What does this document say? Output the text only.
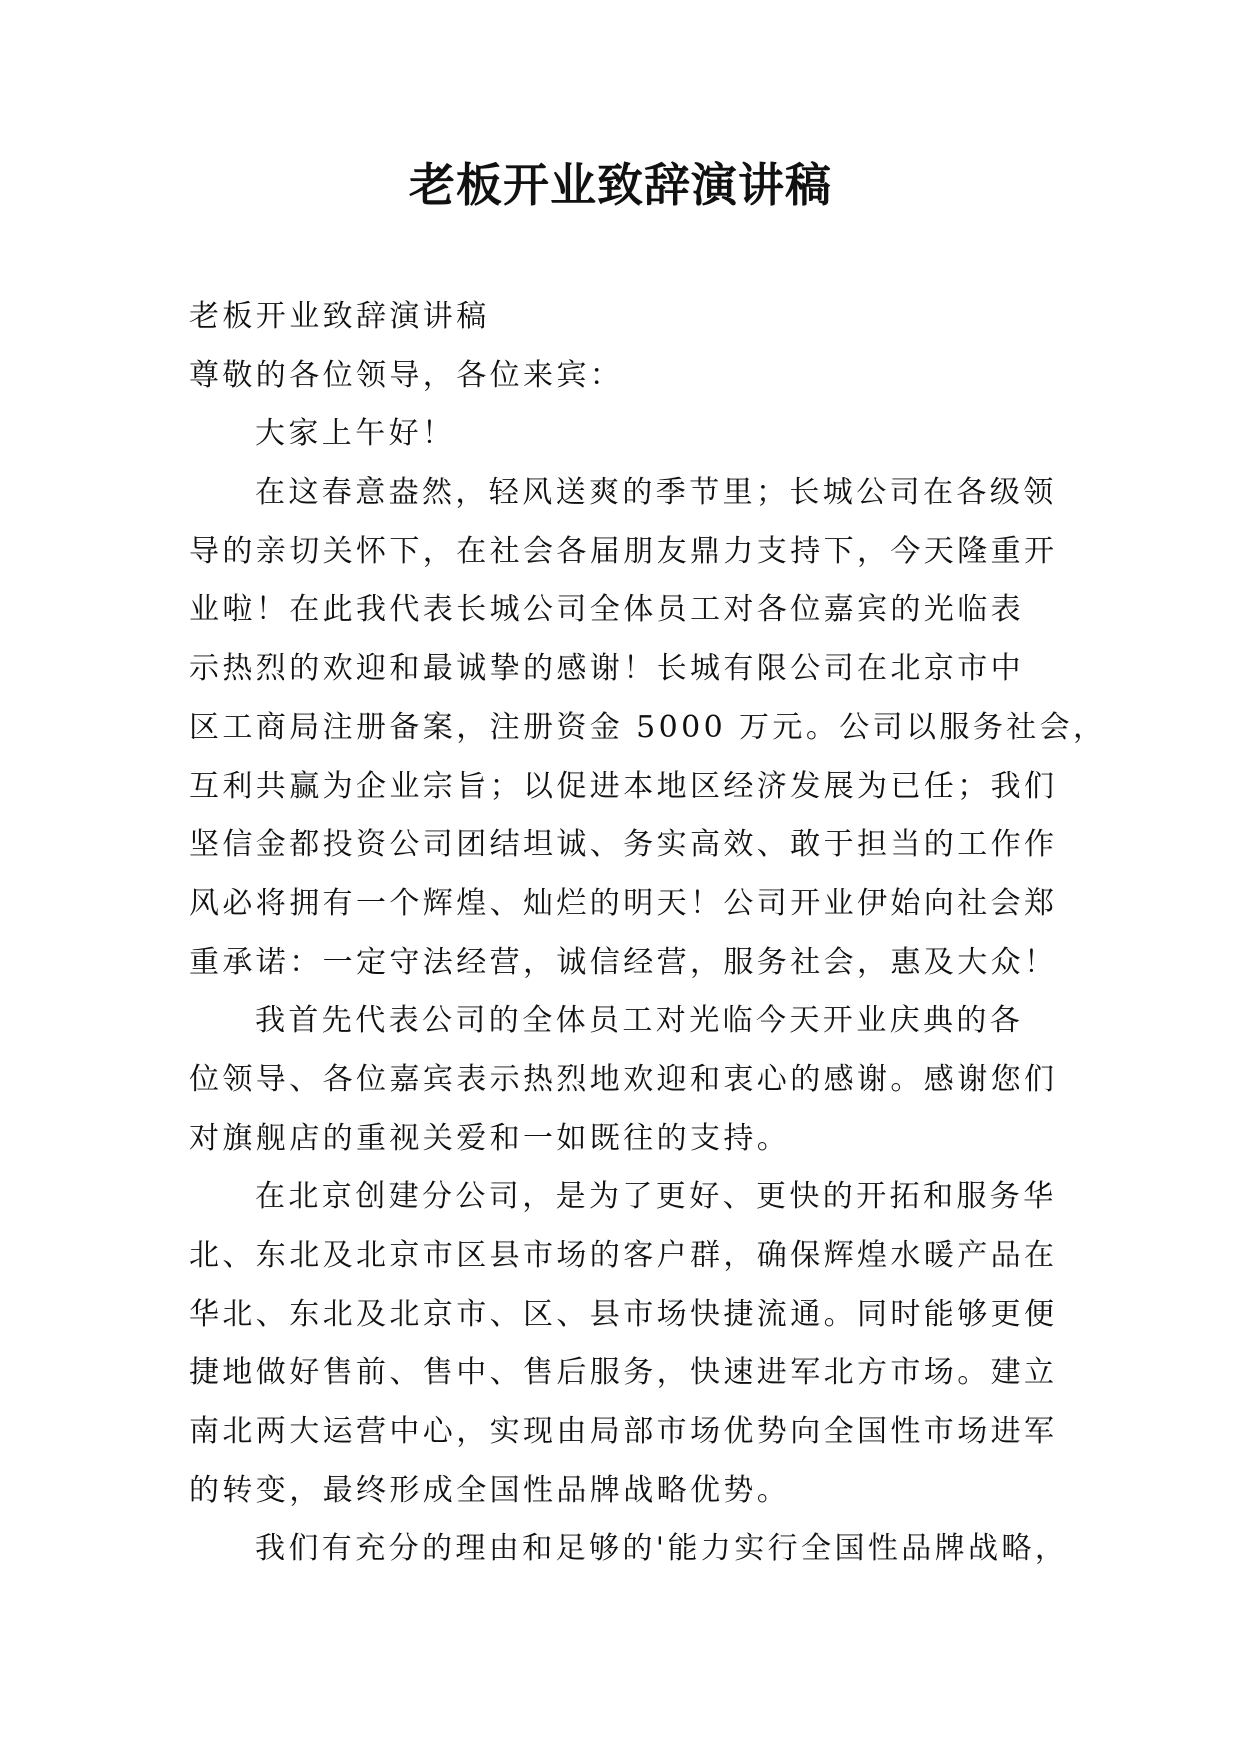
老板开业致辞演讲稿
老板开业致辞演讲稿
尊敬的各位领导，各位来宾：
大家上午好！
在这春意盎然，轻风送爽的季节里；长城公司在各级领
导的亲切关怀下，在社会各届朋友鼎力支持下，今天隆重开
业啦！在此我代表长城公司全体员工对各位嘉宾的光临表
示热烈的欢迎和最诚挚的感谢！长城有限公司在北京市中
区工商局注册备案，注册资金 5000 万元。公司以服务社会，
互利共赢为企业宗旨；以促进本地区经济发展为已任；我们
坚信金都投资公司团结坦诚、务实高效、敢于担当的工作作
风必将拥有一个辉煌、灿烂的明天！公司开业伊始向社会郑
重承诺：一定守法经营，诚信经营，服务社会，惠及大众！
我首先代表公司的全体员工对光临今天开业庆典的各
位领导、各位嘉宾表示热烈地欢迎和衷心的感谢。感谢您们
对旗舰店的重视关爱和一如既往的支持。
在北京创建分公司，是为了更好、更快的开拓和服务华
北、东北及北京市区县市场的客户群，确保辉煌水暖产品在
华北、东北及北京市、区、县市场快捷流通。同时能够更便
捷地做好售前、售中、售后服务，快速进军北方市场。建立
南北两大运营中心，实现由局部市场优势向全国性市场进军
的转变，最终形成全国性品牌战略优势。
我们有充分的理由和足够的'能力实行全国性品牌战略，
